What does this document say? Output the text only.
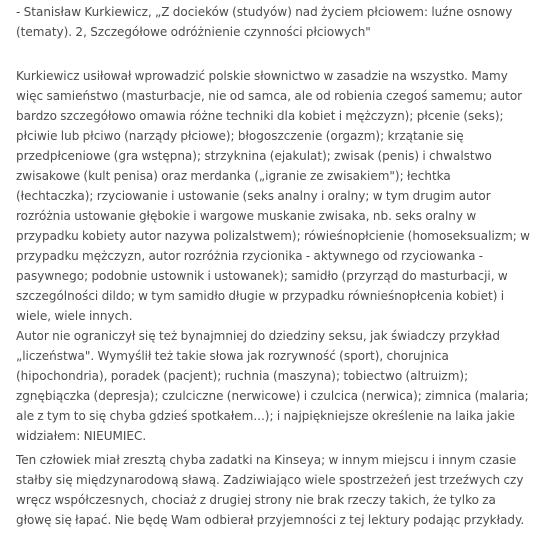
- Stanisław Kurkiewicz, „Z docieków (studyów) nad życiem płciowem: luźne osnowy (tematy). 2, Szczegółowe odróżnienie czynności płciowych"

Kurkiewicz usiłował wprowadzić polskie słownictwo w zasadzie na wszystko. Mamy więc samieństwo (masturbacje, nie od samca, ale od robienia czegoś samemu; autor bardzo szczegółowo omawia różne techniki dla kobiet i mężczyzn); płcenie (seks); płciwie lub płciwo (narządy płciowe); błogoszczenie (orgazm); krzątanie się przedpłceniowe (gra wstępna); strzyknina (ejakulat); zwisak (penis) i chwalstwo zwisakowe (kult penisa) oraz merdanka („igranie ze zwisakiem"); łechtka (łechtaczka); rzyciowanie i ustowanie (seks analny i oralny; w tym drugim autor rozróżnia ustowanie głębokie i wargowe muskanie zwisaka, nb. seks oralny w przypadku kobiety autor nazywa polizalstwem); rówieśnopłcienie (homoseksualizm; w przypadku mężczyzn, autor rozróżnia rzycionika - aktywnego od rzyciowanka - pasywnego; podobnie ustownik i ustowanek); samidło (przyrząd do masturbacji, w szczególności dildo; w tym samidło długie w przypadku równieśnopłcenia kobiet) i wiele, wiele innych.

Autor nie ograniczył się też bynajmniej do dziedziny seksu, jak świadczy przykład „liczeństwa". Wymyślił też takie słowa jak rozrywność (sport), chorujnica (hipochondria), poradek (pacjent); ruchnia (maszyna); tobiectwo (altruizm); zgnębiączka (depresja); czulciczne (nerwicowe) i czulcica (nerwica); zimnica (malaria; ale z tym to się chyba gdzieś spotkałem...); i najpiękniejsze określenie na laika jakie widziałem: NIEUMIEC.

Ten człowiek miał zresztą chyba zadatki na Kinseya; w innym miejscu i innym czasie stałby się międzynarodową sławą. Zadziwiająco wiele spostrzeżeń jest trzeźwych czy wręcz współczesnych, chociaż z drugiej strony nie brak rzeczy takich, że tylko za głowę się łapać. Nie będę Wam odbierał przyjemności z tej lektury podając przykłady.
